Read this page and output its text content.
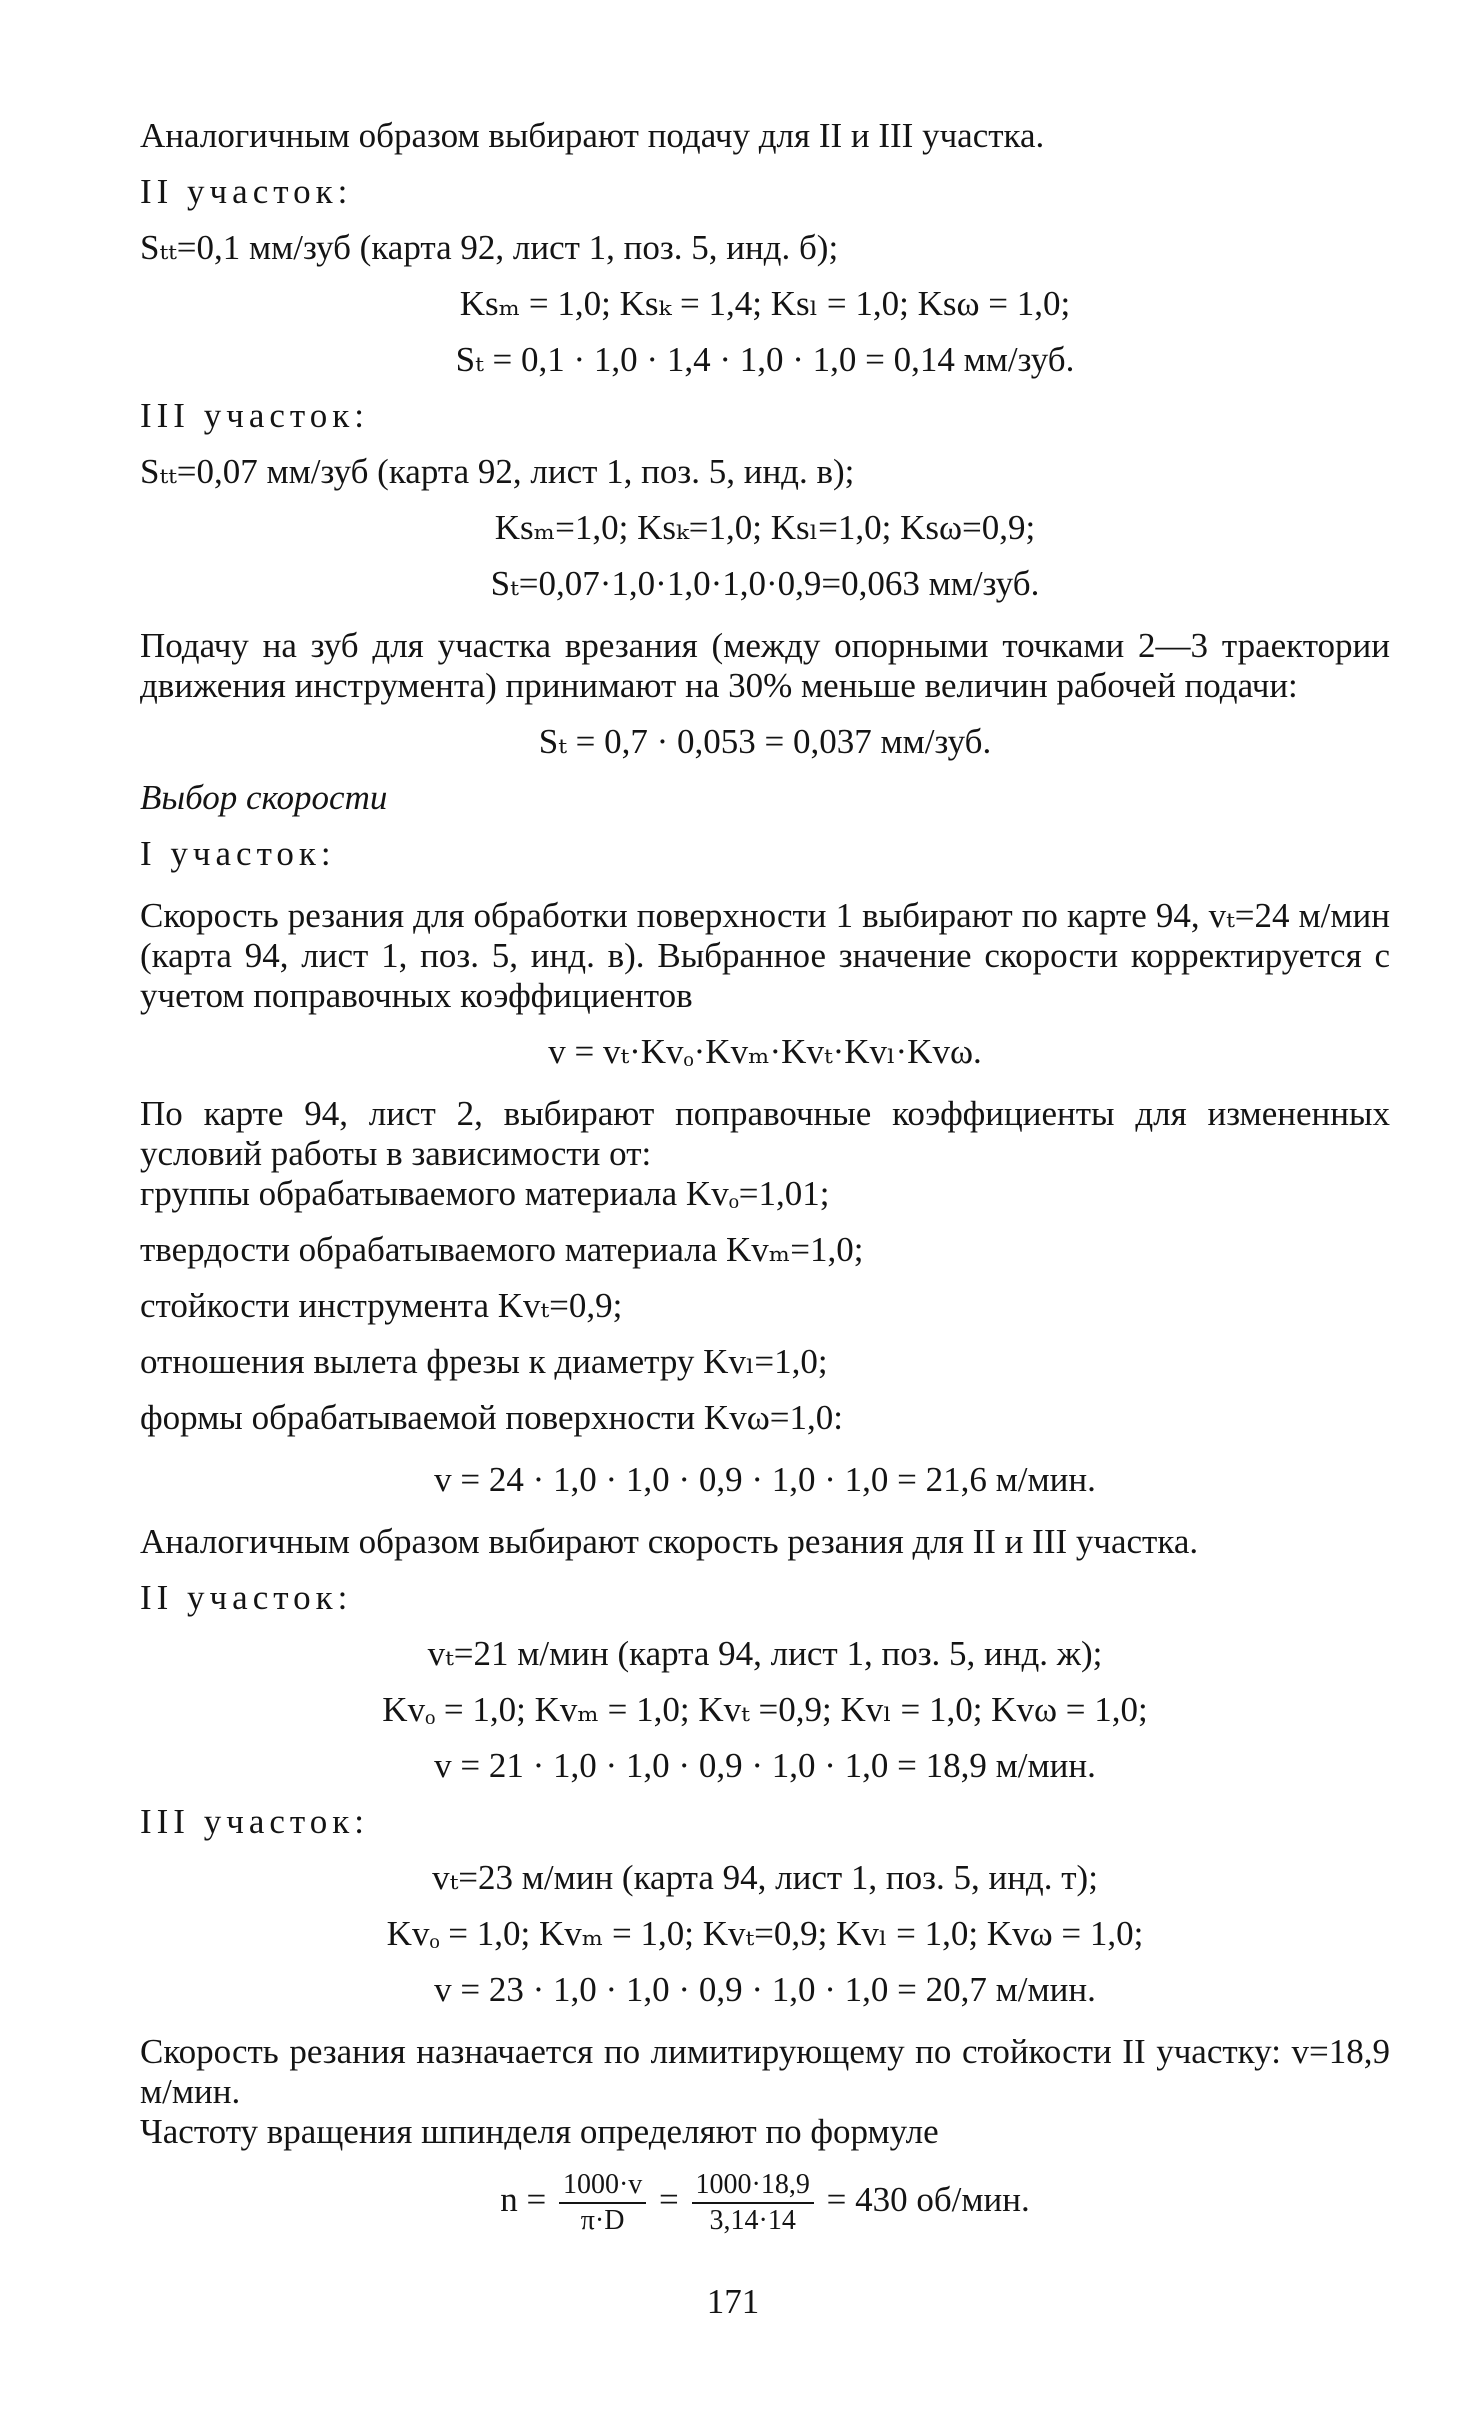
Аналогичным образом выбирают подачу для II и III участка.

II участок:

Sₜₜ=0,1 мм/зуб (карта 92, лист 1, поз. 5, инд. б);

Ksₘ = 1,0; Ksₖ = 1,4; Ksₗ = 1,0; Ksω = 1,0;

Sₜ = 0,1 · 1,0 · 1,4 · 1,0 · 1,0 = 0,14 мм/зуб.

III участок:

Sₜₜ=0,07 мм/зуб (карта 92, лист 1, поз. 5, инд. в);

Ksₘ=1,0; Ksₖ=1,0; Ksₗ=1,0; Ksω=0,9;

Sₜ=0,07·1,0·1,0·1,0·0,9=0,063 мм/зуб.

Подачу на зуб для участка врезания (между опорными точками 2—3 траектории движения инструмента) принимают на 30% меньше величин рабочей подачи:

Sₜ = 0,7 · 0,053 = 0,037 мм/зуб.

Выбор скорости

I участок:

Скорость резания для обработки поверхности 1 выбирают по карте 94, vₜ=24 м/мин (карта 94, лист 1, поз. 5, инд. в). Выбранное значение скорости корректируется с учетом поправочных коэффициентов

v = vₜ·Kvₒ·Kvₘ·Kvₜ·Kvₗ·Kvω.

По карте 94, лист 2, выбирают поправочные коэффициенты для измененных условий работы в зависимости от:

группы обрабатываемого материала Kvₒ=1,01;

твердости обрабатываемого материала Kvₘ=1,0;

стойкости инструмента Kvₜ=0,9;

отношения вылета фрезы к диаметру Kvₗ=1,0;

формы обрабатываемой поверхности Kvω=1,0:

v = 24 · 1,0 · 1,0 · 0,9 · 1,0 · 1,0 = 21,6 м/мин.

Аналогичным образом выбирают скорость резания для II и III участка.

II участок:

vₜ=21 м/мин (карта 94, лист 1, поз. 5, инд. ж);

Kvₒ = 1,0; Kvₘ = 1,0; Kvₜ =0,9; Kvₗ = 1,0; Kvω = 1,0;

v = 21 · 1,0 · 1,0 · 0,9 · 1,0 · 1,0 = 18,9 м/мин.

III участок:

vₜ=23 м/мин (карта 94, лист 1, поз. 5, инд. т);

Kvₒ = 1,0; Kvₘ = 1,0; Kvₜ=0,9; Kvₗ = 1,0; Kvω = 1,0;

v = 23 · 1,0 · 1,0 · 0,9 · 1,0 · 1,0 = 20,7 м/мин.

Скорость резания назначается по лимитирующему по стойкости II участку: v=18,9 м/мин.

Частоту вращения шпинделя определяют по формуле

$n = \frac{1000\cdot v}{\pi\cdot D} = \frac{1000\cdot 18,9}{3,14\cdot 14} = 430$ об/мин.

171
